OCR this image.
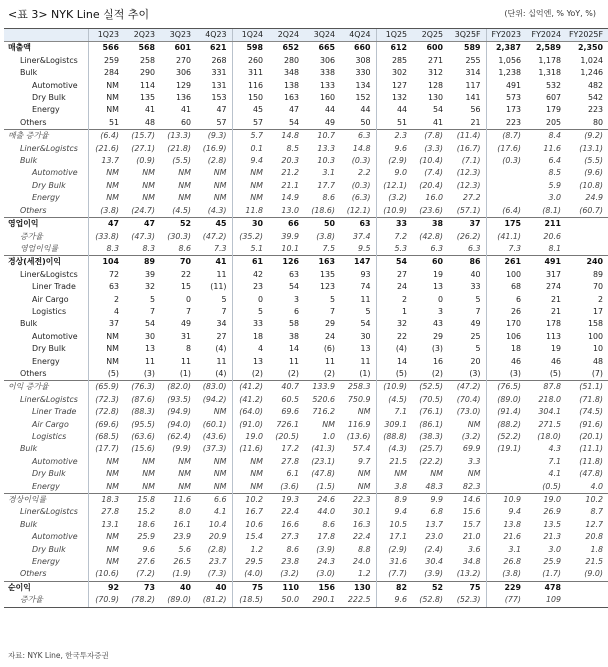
<표 3> NYK Line 실적 추이	(단위: 십억엔, % YoY, %)
	1Q23	2Q23	3Q23	4Q23	1Q24	2Q24	3Q24	4Q24	1Q25	2Q25	3Q25F	FY2023	FY2024	FY2025F
매출액	566	568	601	621	598	652	665	660	612	600	589	2,387	2,589	2,350
Liner&Logistcs	259	258	270	268	260	280	306	308	285	271	255	1,056	1,178	1,024
Bulk	284	290	306	331	311	348	338	330	302	312	314	1,238	1,318	1,246
Automotive	NM	114	129	131	116	138	133	134	127	128	117	491	532	482
Dry Bulk	NM	135	136	153	150	163	160	152	132	130	141	573	607	542
Energy	NM	41	41	47	45	47	44	44	44	54	56	173	179	223
Others	51	48	60	57	57	54	49	50	51	41	21	223	205	80
매출 증가율	(6.4)	(15.7)	(13.3)	(9.3)	5.7	14.8	10.7	6.3	2.3	(7.8)	(11.4)	(8.7)	8.4	(9.2)
Liner&Logistcs	(21.6)	(27.1)	(21.8)	(16.9)	0.1	8.5	13.3	14.8	9.6	(3.3)	(16.7)	(17.6)	11.6	(13.1)
Bulk	13.7	(0.9)	(5.5)	(2.8)	9.4	20.3	10.3	(0.3)	(2.9)	(10.4)	(7.1)	(0.3)	6.4	(5.5)
Automotive	NM	NM	NM	NM	NM	21.2	3.1	2.2	9.0	(7.4)	(12.3)		8.5	(9.6)
Dry Bulk	NM	NM	NM	NM	NM	21.1	17.7	(0.3)	(12.1)	(20.4)	(12.3)		5.9	(10.8)
Energy	NM	NM	NM	NM	NM	14.9	8.6	(6.3)	(3.2)	16.0	27.2		3.0	24.9
Others	(3.8)	(24.7)	(4.5)	(4.3)	11.8	13.0	(18.6)	(12.1)	(10.9)	(23.6)	(57.1)	(6.4)	(8.1)	(60.7)
영업이익	47	47	52	45	30	66	50	63	33	38	37	175	211	
증가율	(33.8)	(47.3)	(30.3)	(47.2)	(35.2)	39.9	(3.8)	37.4	7.2	(42.8)	(26.2)	(41.1)	20.6	
영업이익률	8.3	8.3	8.6	7.3	5.1	10.1	7.5	9.5	5.3	6.3	6.3	7.3	8.1	
경상(세전)이익	104	89	70	41	61	126	163	147	54	60	86	261	491	240
Liner&Logistcs	72	39	22	11	42	63	135	93	27	19	40	100	317	89
Liner Trade	63	32	15	(11)	23	54	123	74	24	13	33	68	274	70
Air Cargo	2	5	0	5	0	3	5	11	2	0	5	6	21	2
Logistics	4	7	7	7	5	6	7	5	1	3	7	26	21	17
Bulk	37	54	49	34	33	58	29	54	32	43	49	170	178	158
Automotive	NM	30	31	27	18	38	24	30	22	29	25	106	113	100
Dry Bulk	NM	13	8	(4)	4	14	(6)	13	(4)	(3)	5	18	19	10
Energy	NM	11	11	11	13	11	11	11	14	16	20	46	46	48
Others	(5)	(3)	(1)	(4)	(2)	(2)	(2)	(1)	(5)	(2)	(3)	(3)	(5)	(7)
이익 증가율	(65.9)	(76.3)	(82.0)	(83.0)	(41.2)	40.7	133.9	258.3	(10.9)	(52.5)	(47.2)	(76.5)	87.8	(51.1)
Liner&Logistcs	(72.3)	(87.6)	(93.5)	(94.2)	(41.2)	60.5	520.6	750.9	(4.5)	(70.5)	(70.4)	(89.0)	218.0	(71.8)
Liner Trade	(72.8)	(88.3)	(94.9)	NM	(64.0)	69.6	716.2	NM	7.1	(76.1)	(73.0)	(91.4)	304.1	(74.5)
Air Cargo	(69.6)	(95.5)	(94.0)	(60.1)	(91.0)	726.1	NM	116.9	309.1	(86.1)	NM	(88.2)	271.5	(91.6)
Logistics	(68.5)	(63.6)	(62.4)	(43.6)	19.0	(20.5)	1.0	(13.6)	(88.8)	(38.3)	(3.2)	(52.2)	(18.0)	(20.1)
Bulk	(17.7)	(15.6)	(9.9)	(37.3)	(11.6)	17.2	(41.3)	57.4	(4.3)	(25.7)	69.9	(19.1)	4.3	(11.1)
Automotive	NM	NM	NM	NM	NM	27.8	(23.1)	9.7	21.5	(22.2)	3.3		7.1	(11.8)
Dry Bulk	NM	NM	NM	NM	NM	6.1	(47.8)	NM	NM	NM	NM		4.1	(47.8)
Energy	NM	NM	NM	NM	NM	(3.6)	(1.5)	NM	3.8	48.3	82.3		(0.5)	4.0
경상이익률	18.3	15.8	11.6	6.6	10.2	19.3	24.6	22.3	8.9	9.9	14.6	10.9	19.0	10.2
Liner&Logistcs	27.8	15.2	8.0	4.1	16.7	22.4	44.0	30.1	9.4	6.8	15.6	9.4	26.9	8.7
Bulk	13.1	18.6	16.1	10.4	10.6	16.6	8.6	16.3	10.5	13.7	15.7	13.8	13.5	12.7
Automotive	NM	25.9	23.9	20.9	15.4	27.3	17.8	22.4	17.1	23.0	21.0	21.6	21.3	20.8
Dry Bulk	NM	9.6	5.6	(2.8)	1.2	8.6	(3.9)	8.8	(2.9)	(2.4)	3.6	3.1	3.0	1.8
Energy	NM	27.6	26.5	23.7	29.5	23.8	24.3	24.0	31.6	30.4	34.8	26.8	25.9	21.5
Others	(10.6)	(7.2)	(1.9)	(7.3)	(4.0)	(3.2)	(3.0)	1.2	(7.7)	(3.9)	(13.2)	(3.8)	(1.7)	(9.0)
순이익	92	73	40	40	75	110	156	130	82	52	75	229	478	
증가율	(70.9)	(78.2)	(89.0)	(81.2)	(18.5)	50.0	290.1	222.5	9.6	(52.8)	(52.3)	(77)	109	
자료: NYK Line, 한국투자증권
